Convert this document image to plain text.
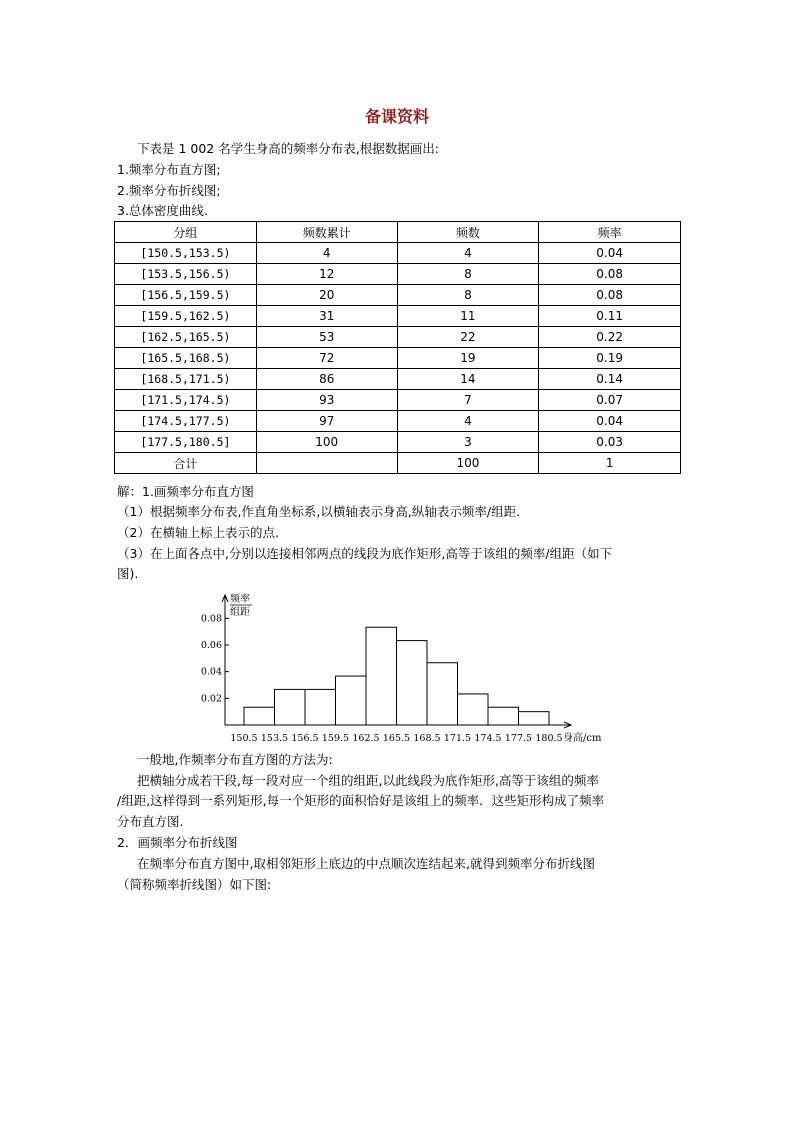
备课资料
下表是 1 002 名学生身高的频率分布表,根据数据画出:
1.频率分布直方图;
2.频率分布折线图;
3.总体密度曲线.
分组	频数累计	频数	频率
[150.5,153.5)	4	4	0.04
[153.5,156.5)	12	8	0.08
[156.5,159.5)	20	8	0.08
[159.5,162.5)	31	11	0.11
[162.5,165.5)	53	22	0.22
[165.5,168.5)	72	19	0.19
[168.5,171.5)	86	14	0.14
[171.5,174.5)	93	7	0.07
[174.5,177.5)	97	4	0.04
[177.5,180.5]	100	3	0.03
合计		100	1
解：1.画频率分布直方图
（1）根据频率分布表,作直角坐标系,以横轴表示身高,纵轴表示频率/组距.
（2）在横轴上标上表示的点.
（3）在上面各点中,分别以连接相邻两点的线段为底作矩形,高等于该组的频率/组距（如下
图).
频率
组距
身高/cm
0.02
0.04
0.06
0.08
150.5 153.5 156.5 159.5 162.5 165.5 168.5 171.5 174.5 177.5 180.5
一般地,作频率分布直方图的方法为:
把横轴分成若干段,每一段对应一个组的组距,以此线段为底作矩形,高等于该组的频率
/组距,这样得到一系列矩形,每一个矩形的面积恰好是该组上的频率．这些矩形构成了频率
分布直方图.
2．画频率分布折线图
在频率分布直方图中,取相邻矩形上底边的中点顺次连结起来,就得到频率分布折线图
（简称频率折线图）如下图:
